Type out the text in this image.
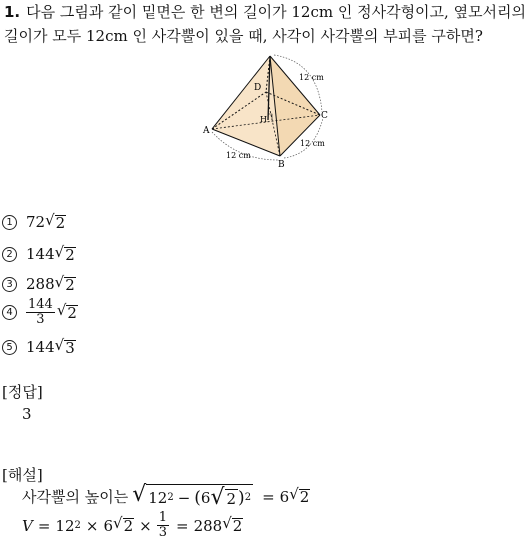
1. 다음 그림과 같이 밑면은 한 변의 길이가 12cm 인 정사각형이고, 옆모서리의
길이가 모두 12cm 인 사각뿔이 있을 때, 사각이 사각뿔의 부피를 구하면?
A
B
C
D
H
12 cm
12 cm
12 cm
1 72 √ 2
2 144 √ 2
3 288 √ 2
4	$\frac{144}{3}$ √ 2
5 144 √ 3
[정답]
3
[해설]
사각뿔의 높이는 √ 12 2 − ( 6 √ 2 ) 2 = 6 √ 2
V = 12 2 × 6 √ $2 \times \frac{1}{3} = 288$ √ 2
